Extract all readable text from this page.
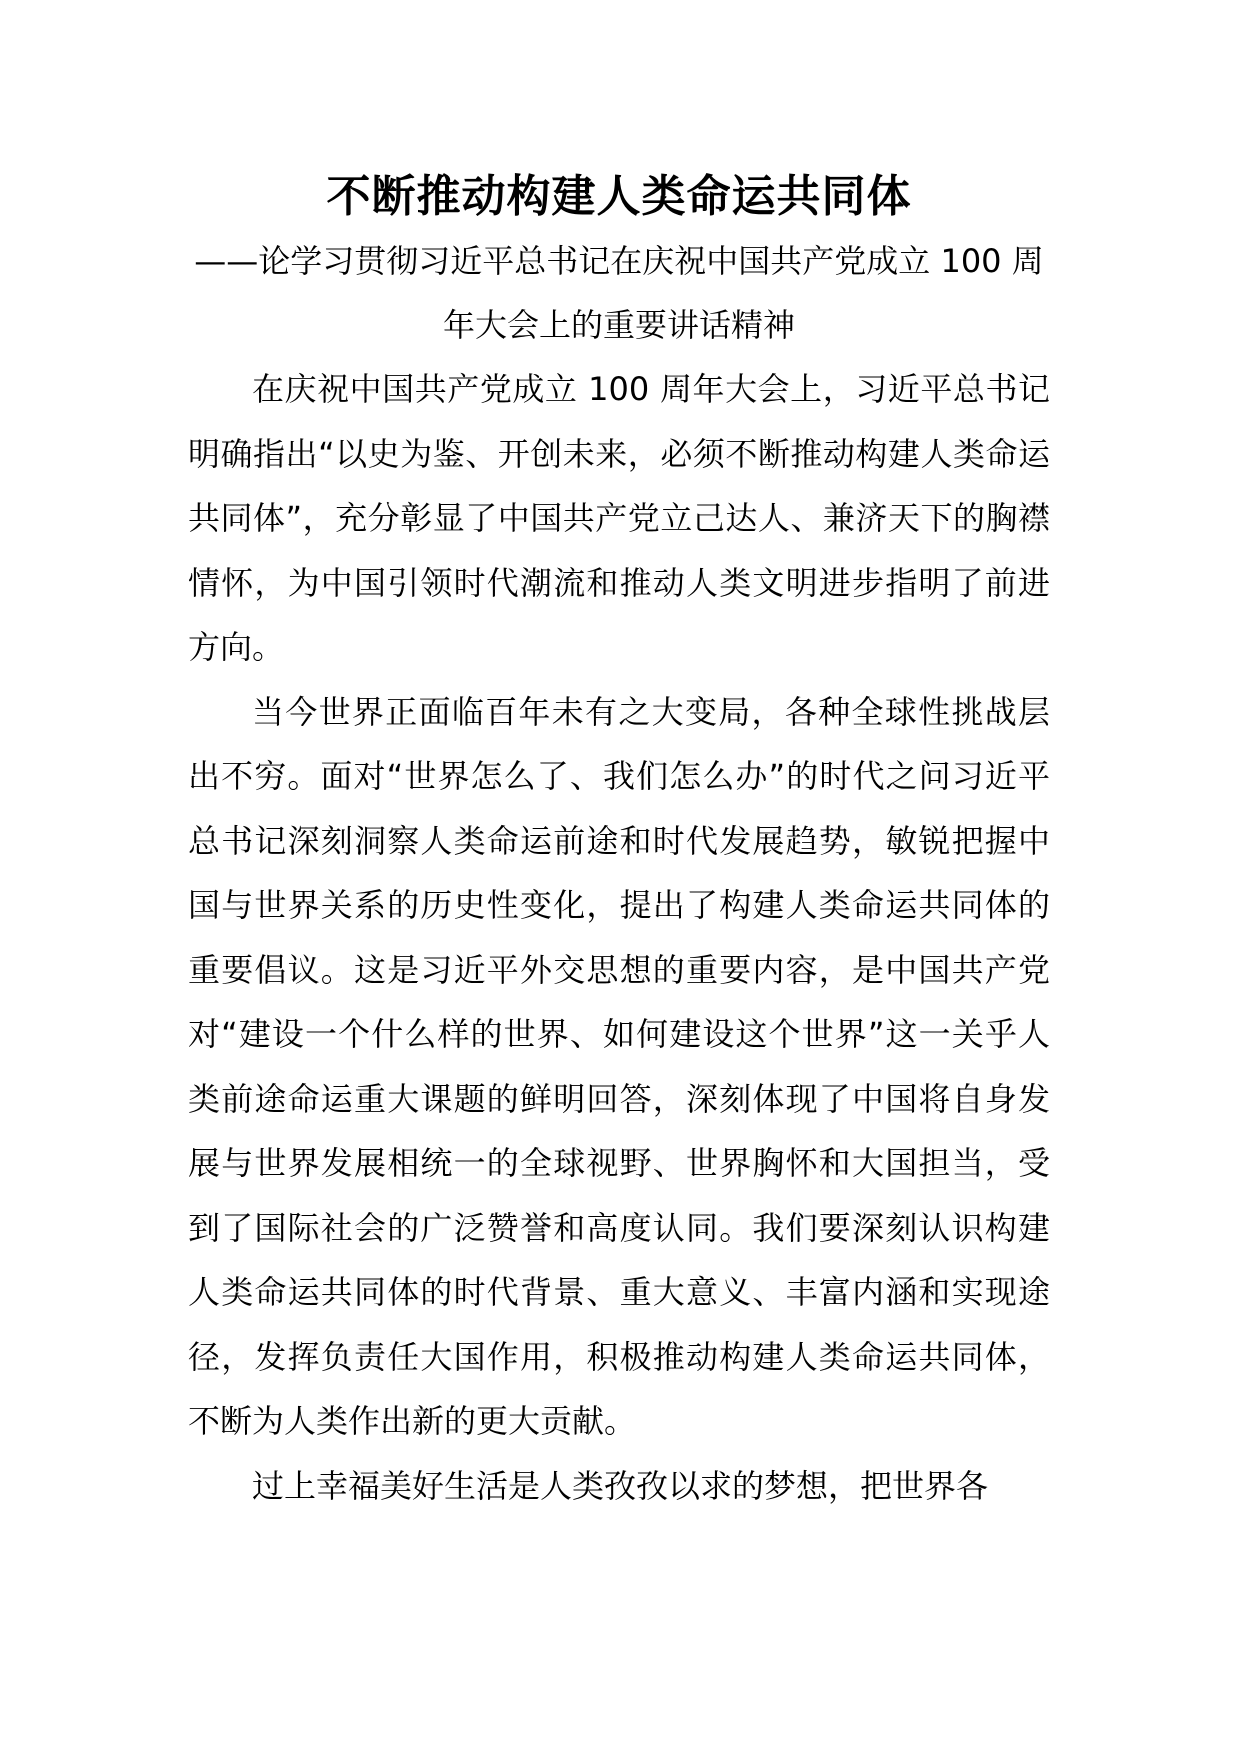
不断推动构建人类命运共同体
——论学习贯彻习近平总书记在庆祝中国共产党成立 100 周
年大会上的重要讲话精神

在庆祝中国共产党成立 100 周年大会上，习近平总书记明确指出“以史为鉴、开创未来，必须不断推动构建人类命运共同体”，充分彰显了中国共产党立己达人、兼济天下的胸襟情怀，为中国引领时代潮流和推动人类文明进步指明了前进方向。

当今世界正面临百年未有之大变局，各种全球性挑战层出不穷。面对“世界怎么了、我们怎么办”的时代之问习近平总书记深刻洞察人类命运前途和时代发展趋势，敏锐把握中国与世界关系的历史性变化，提出了构建人类命运共同体的重要倡议。这是习近平外交思想的重要内容，是中国共产党对“建设一个什么样的世界、如何建设这个世界”这一关乎人类前途命运重大课题的鲜明回答，深刻体现了中国将自身发展与世界发展相统一的全球视野、世界胸怀和大国担当，受到了国际社会的广泛赞誉和高度认同。我们要深刻认识构建人类命运共同体的时代背景、重大意义、丰富内涵和实现途径，发挥负责任大国作用，积极推动构建人类命运共同体，不断为人类作出新的更大贡献。

过上幸福美好生活是人类孜孜以求的梦想，把世界各
